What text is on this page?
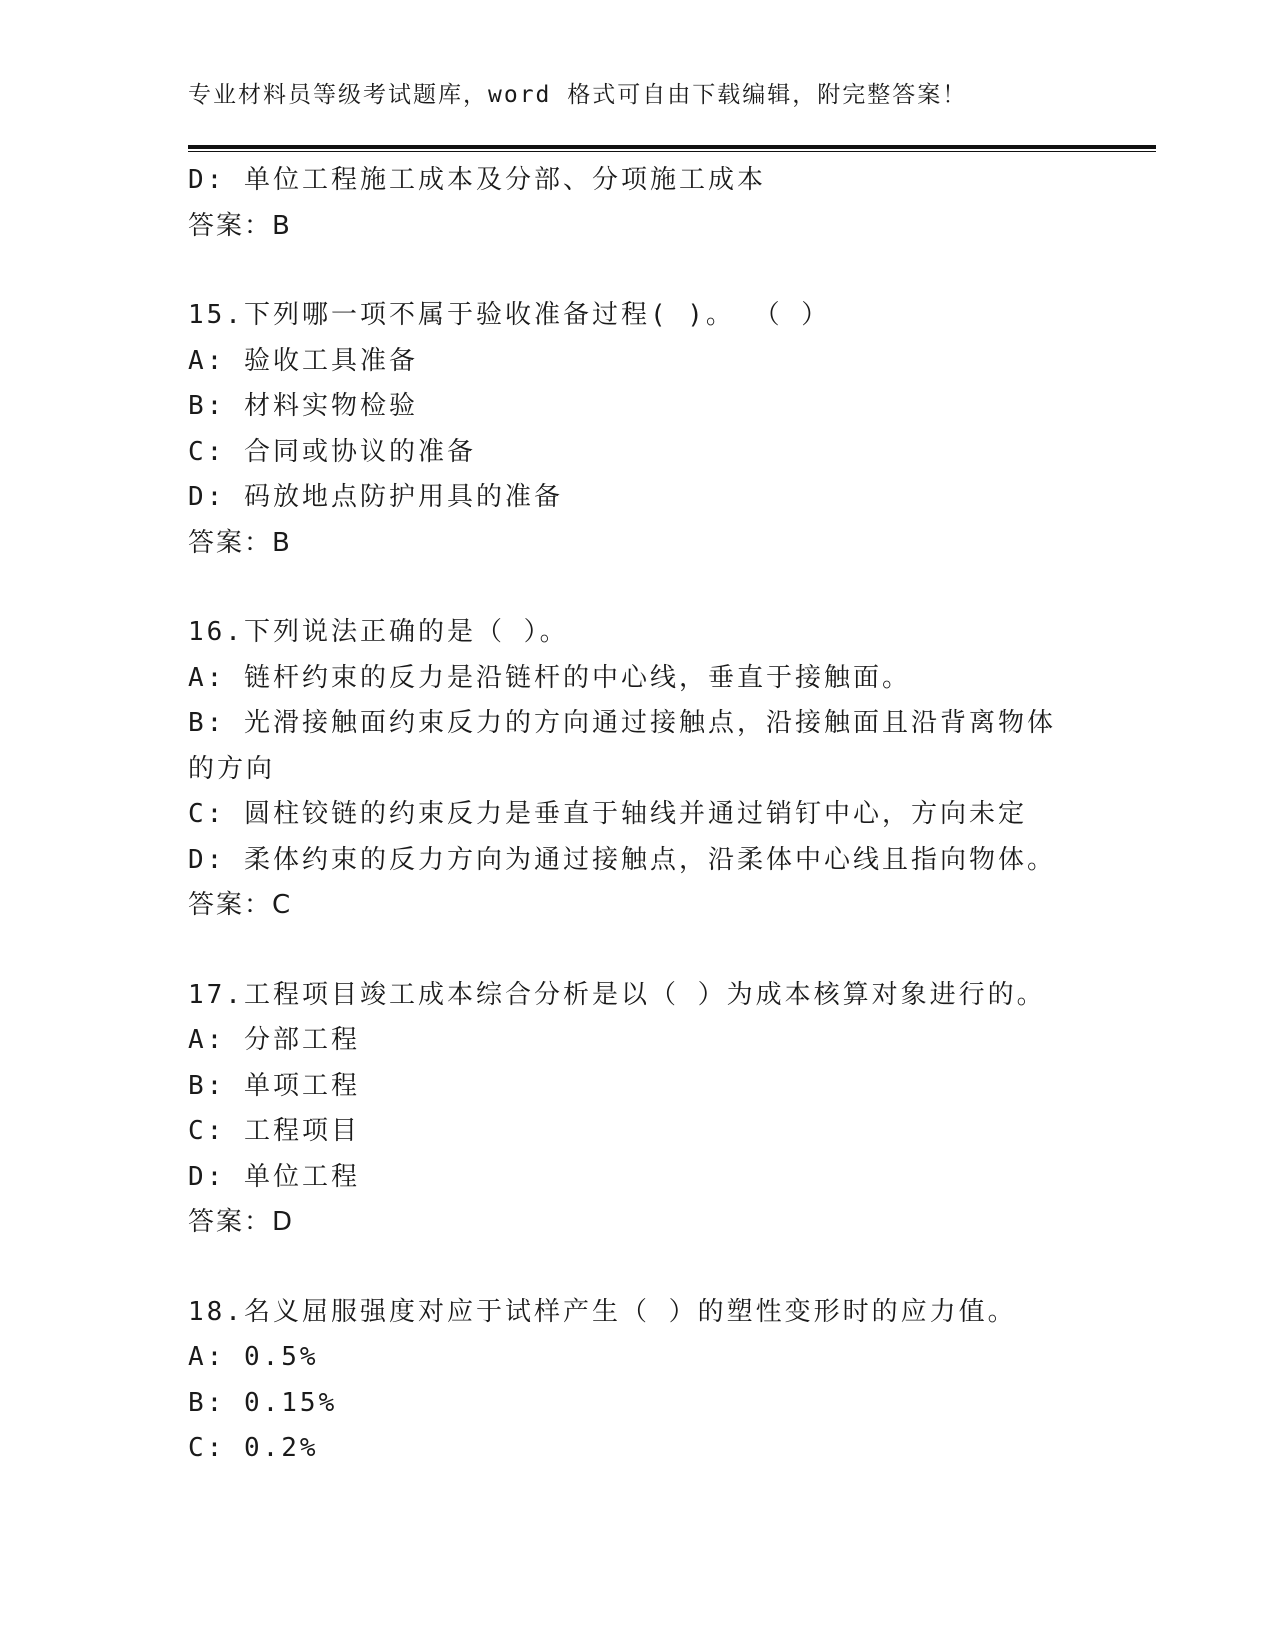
专业材料员等级考试题库，word 格式可自由下载编辑，附完整答案！
D: 单位工程施工成本及分部、分项施工成本
答案：B
15.下列哪一项不属于验收准备过程( )。 （ ）
A: 验收工具准备
B: 材料实物检验
C: 合同或协议的准备
D: 码放地点防护用具的准备
答案：B
16.下列说法正确的是（ ）。
A: 链杆约束的反力是沿链杆的中心线，垂直于接触面。
B: 光滑接触面约束反力的方向通过接触点，沿接触面且沿背离物体的方向
C: 圆柱铰链的约束反力是垂直于轴线并通过销钉中心，方向未定
D: 柔体约束的反力方向为通过接触点，沿柔体中心线且指向物体。
答案：C
17.工程项目竣工成本综合分析是以（ ）为成本核算对象进行的。
A: 分部工程
B: 单项工程
C: 工程项目
D: 单位工程
答案：D
18.名义屈服强度对应于试样产生（ ）的塑性变形时的应力值。
A: 0.5%
B: 0.15%
C: 0.2%
